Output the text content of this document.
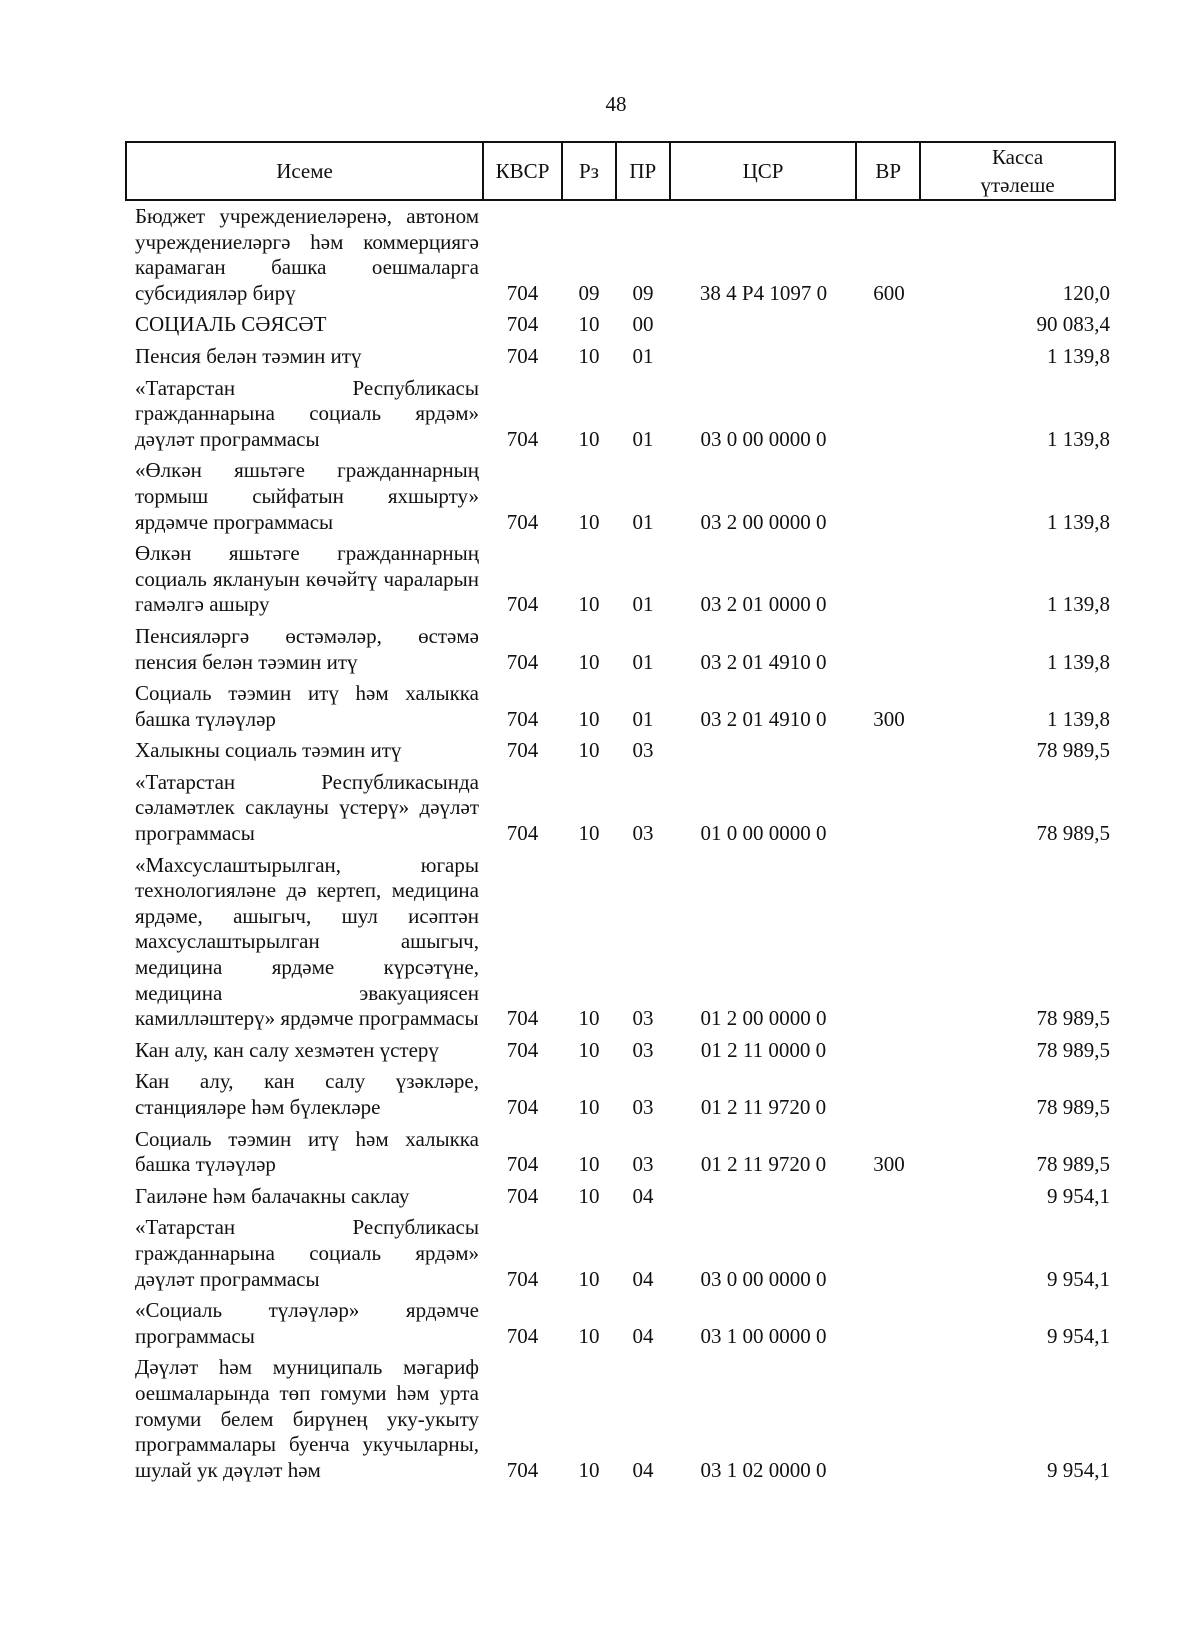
48
Исеме	КВСР	Рз	ПР	ЦСР	ВР	Касса үтәлеше
Бюджет учреждениеләренә, автоном учреждениеләргә һәм коммерциягә карамаган башка оешмаларга субсидияләр бирү	704	09	09	38 4 Р4 1097 0	600	120,0
СОЦИАЛЬ СӘЯСӘТ	704	10	00			90 083,4
Пенсия белән тәэмин итү	704	10	01			1 139,8
«Татарстан Республикасы гражданнарына социаль ярдәм» дәүләт программасы	704	10	01	03 0 00 0000 0		1 139,8
«Өлкән яшьтәге гражданнарның тормыш сыйфатын яхшырту» ярдәмче программасы	704	10	01	03 2 00 0000 0		1 139,8
Өлкән яшьтәге гражданнарның социаль яклануын көчәйтү чараларын гамәлгә ашыру	704	10	01	03 2 01 0000 0		1 139,8
Пенсияләргә өстәмәләр, өстәмә пенсия белән тәэмин итү	704	10	01	03 2 01 4910 0		1 139,8
Социаль тәэмин итү һәм халыкка башка түләүләр	704	10	01	03 2 01 4910 0	300	1 139,8
Халыкны социаль тәэмин итү	704	10	03			78 989,5
«Татарстан Республикасында сәламәтлек саклауны үстерү» дәүләт программасы	704	10	03	01 0 00 0000 0		78 989,5
«Махсуслаштырылган, югары технологияләне дә кертеп, медицина ярдәме, ашыгыч, шул исәптән махсуслаштырылган ашыгыч, медицина ярдәме күрсәтүне, медицина эвакуациясен камилләштерү» ярдәмче программасы	704	10	03	01 2 00 0000 0		78 989,5
Кан алу, кан салу хезмәтен үстерү	704	10	03	01 2 11 0000 0		78 989,5
Кан алу, кан салу үзәкләре, станцияләре һәм бүлекләре	704	10	03	01 2 11 9720 0		78 989,5
Социаль тәэмин итү һәм халыкка башка түләүләр	704	10	03	01 2 11 9720 0	300	78 989,5
Гаиләне һәм балачакны саклау	704	10	04			9 954,1
«Татарстан Республикасы гражданнарына социаль ярдәм» дәүләт программасы	704	10	04	03 0 00 0000 0		9 954,1
«Социаль түләүләр» ярдәмче программасы	704	10	04	03 1 00 0000 0		9 954,1
Дәүләт һәм муниципаль мәгариф оешмаларында төп гомуми һәм урта гомуми белем бирүнең уку-укыту программалары буенча укучыларны, шулай ук дәүләт һәм	704	10	04	03 1 02 0000 0		9 954,1
